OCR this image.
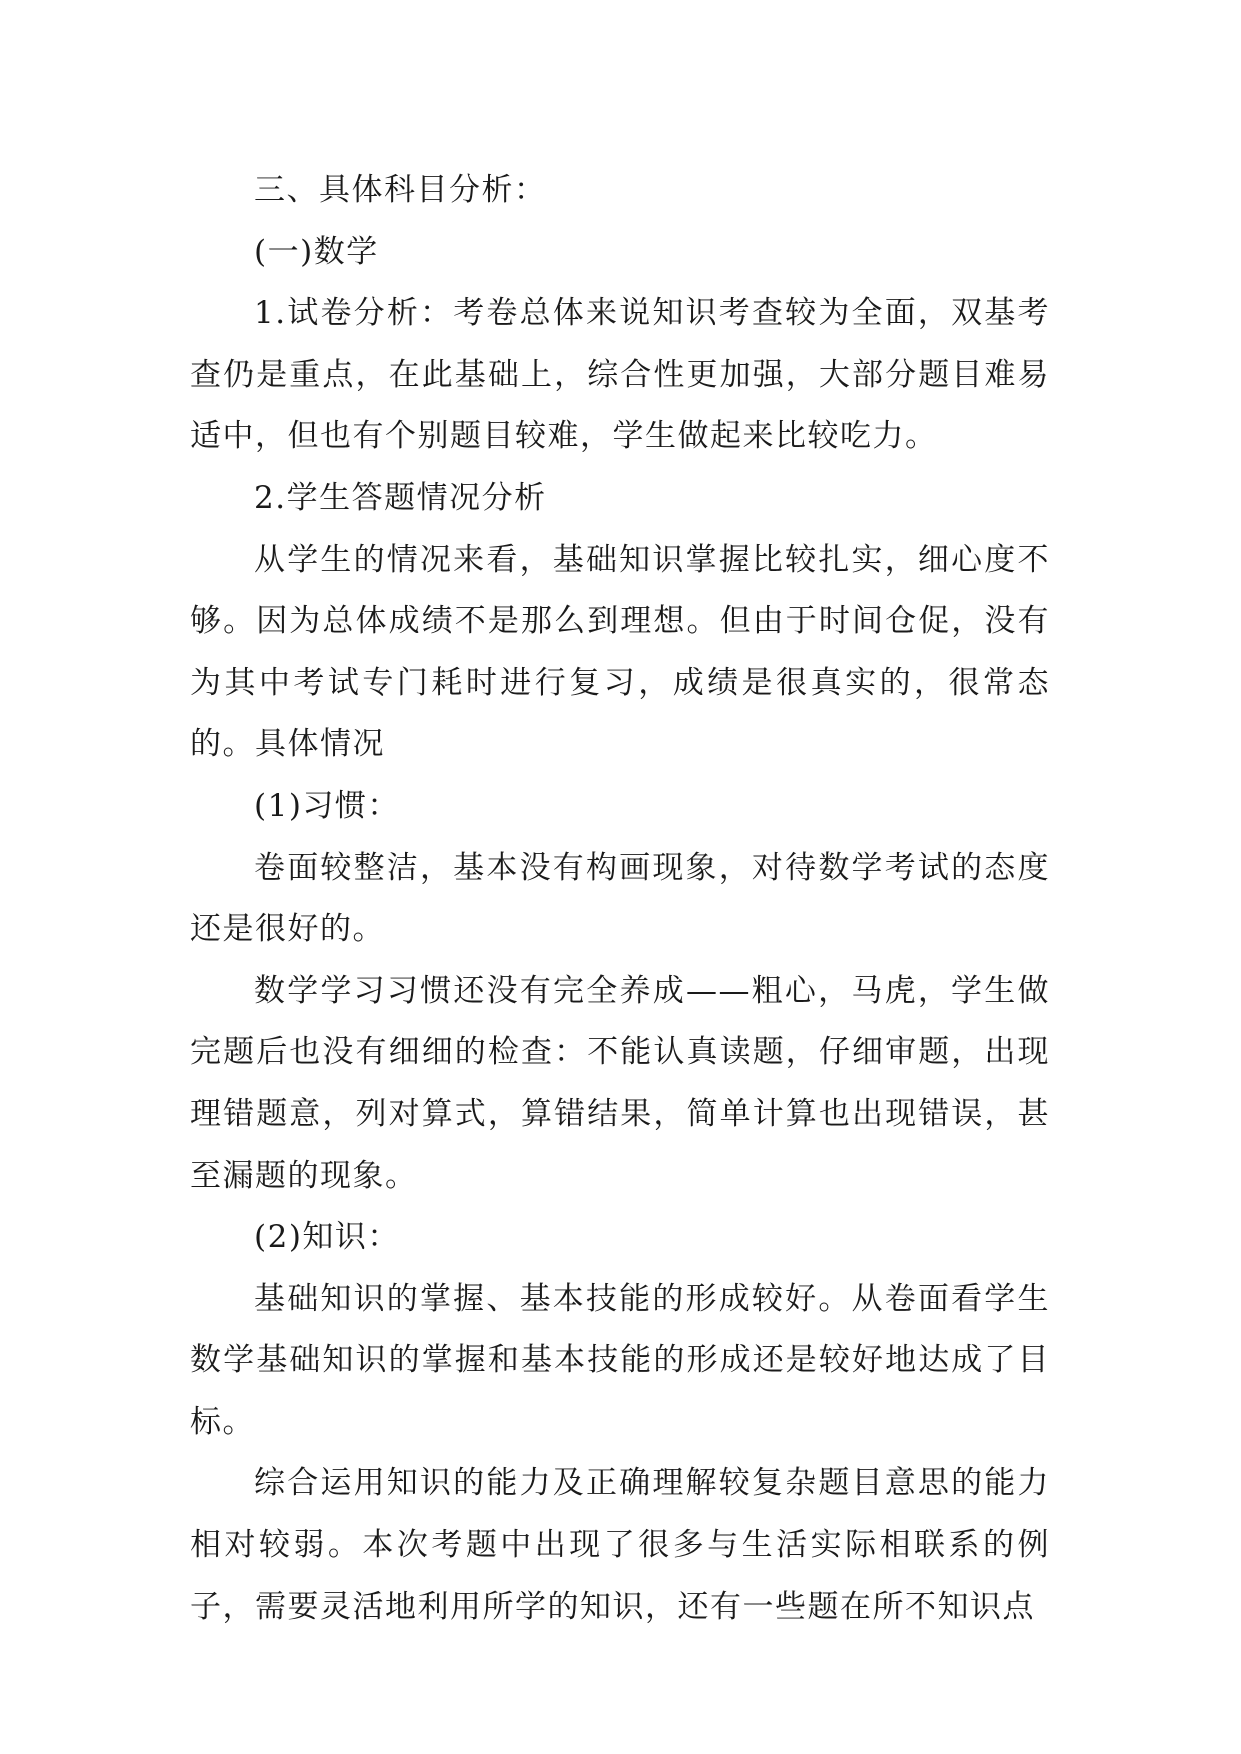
三、具体科目分析：

(一)数学

1.试卷分析：考卷总体来说知识考查较为全面，双基考查仍是重点，在此基础上，综合性更加强，大部分题目难易适中，但也有个别题目较难，学生做起来比较吃力。

2.学生答题情况分析

从学生的情况来看，基础知识掌握比较扎实，细心度不够。因为总体成绩不是那么到理想。但由于时间仓促，没有为其中考试专门耗时进行复习，成绩是很真实的，很常态的。具体情况

(1)习惯：

卷面较整洁，基本没有构画现象，对待数学考试的态度还是很好的。

数学学习习惯还没有完全养成——粗心，马虎，学生做完题后也没有细细的检查：不能认真读题，仔细审题，出现理错题意，列对算式，算错结果，简单计算也出现错误，甚至漏题的现象。

(2)知识：

基础知识的掌握、基本技能的形成较好。从卷面看学生数学基础知识的掌握和基本技能的形成还是较好地达成了目标。

综合运用知识的能力及正确理解较复杂题目意思的能力相对较弱。本次考题中出现了很多与生活实际相联系的例子，需要灵活地利用所学的知识，还有一些题在所不知识点
